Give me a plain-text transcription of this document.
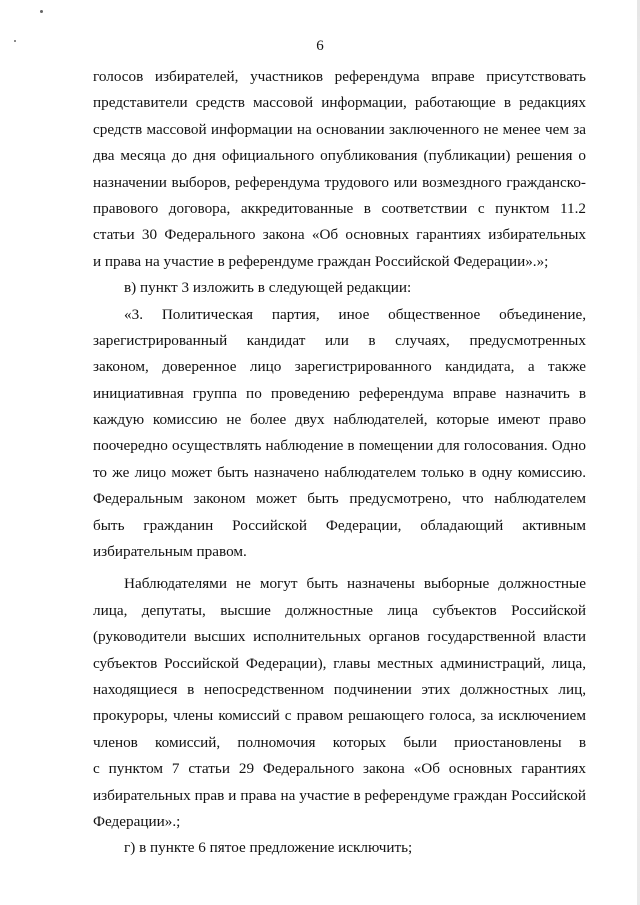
6
голосов избирателей, участников референдума вправе присутствовать
представители средств массовой информации, работающие в редакциях
средств массовой информации на основании заключенного не менее чем за
два месяца до дня официального опубликования (публикации) решения о
назначении выборов, референдума трудового или возмездного гражданско-
правового договора, аккредитованные в соответствии с пунктом 11.2
статьи 30 Федерального закона «Об основных гарантиях избирательных
и права на участие в референдуме граждан Российской Федерации».»;
в) пункт 3 изложить в следующей редакции:
«3. Политическая партия, иное общественное объединение,
зарегистрированный кандидат или в случаях, предусмотренных
законом, доверенное лицо зарегистрированного кандидата, а также
инициативная группа по проведению референдума вправе назначить в
каждую комиссию не более двух наблюдателей, которые имеют право
поочередно осуществлять наблюдение в помещении для голосования. Одно
то же лицо может быть назначено наблюдателем только в одну комиссию.
Федеральным законом может быть предусмотрено, что наблюдателем
быть гражданин Российской Федерации, обладающий активным
избирательным правом.
Наблюдателями не могут быть назначены выборные должностные
лица, депутаты, высшие должностные лица субъектов Российской
(руководители высших исполнительных органов государственной власти
субъектов Российской Федерации), главы местных администраций, лица,
находящиеся в непосредственном подчинении этих должностных лиц,
прокуроры, члены комиссий с правом решающего голоса, за исключением
членов комиссий, полномочия которых были приостановлены в
с пунктом 7 статьи 29 Федерального закона «Об основных гарантиях
избирательных прав и права на участие в референдуме граждан Российской
Федерации».;
г) в пункте 6 пятое предложение исключить;
